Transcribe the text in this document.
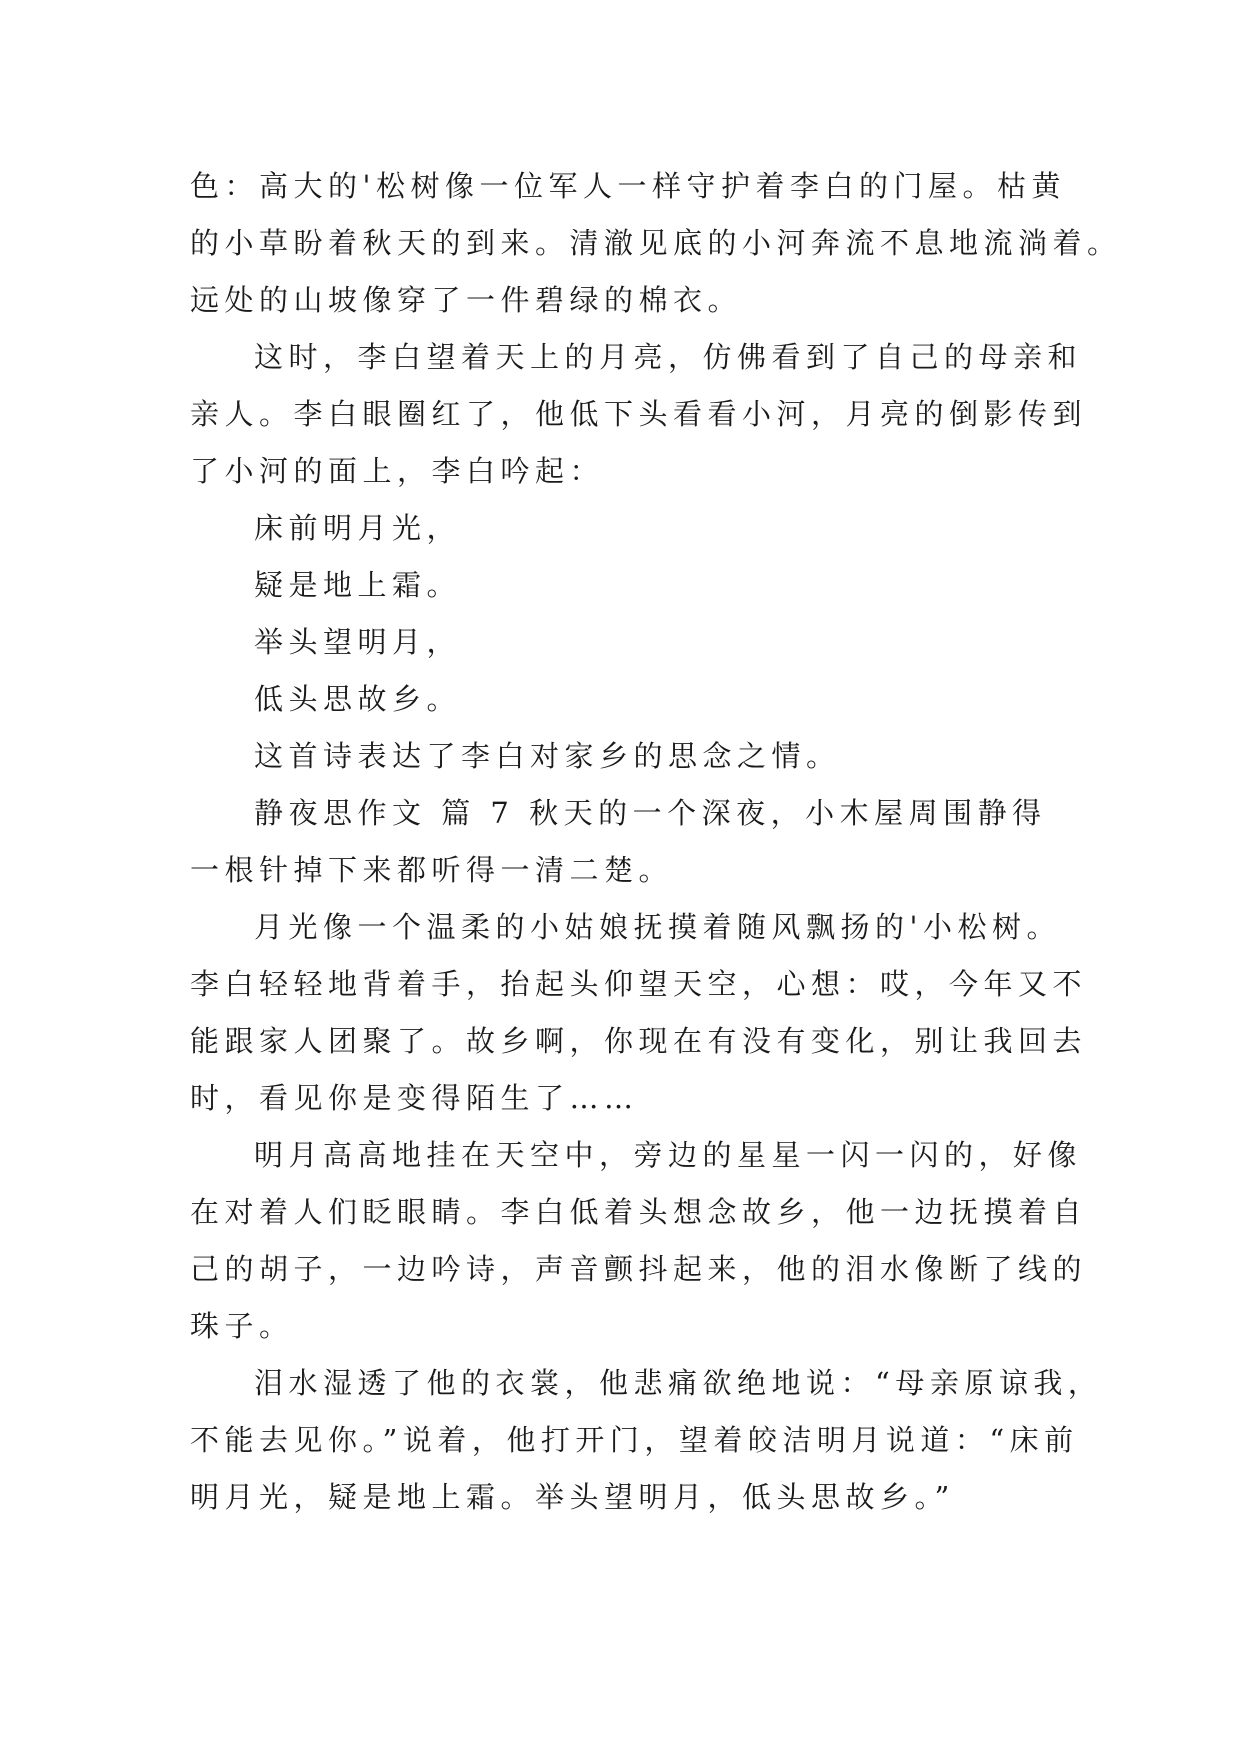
色：高大的'松树像一位军人一样守护着李白的门屋。枯黄
的小草盼着秋天的到来。清澈见底的小河奔流不息地流淌着。
远处的山坡像穿了一件碧绿的棉衣。
这时，李白望着天上的月亮，仿佛看到了自己的母亲和
亲人。李白眼圈红了，他低下头看看小河，月亮的倒影传到
了小河的面上，李白吟起：
床前明月光，
疑是地上霜。
举头望明月，
低头思故乡。
这首诗表达了李白对家乡的思念之情。
静夜思作文 篇 7 秋天的一个深夜，小木屋周围静得
一根针掉下来都听得一清二楚。
月光像一个温柔的小姑娘抚摸着随风飘扬的'小松树。
李白轻轻地背着手，抬起头仰望天空，心想：哎，今年又不
能跟家人团聚了。故乡啊，你现在有没有变化，别让我回去
时，看见你是变得陌生了……
明月高高地挂在天空中，旁边的星星一闪一闪的，好像
在对着人们眨眼睛。李白低着头想念故乡，他一边抚摸着自
己的胡子，一边吟诗，声音颤抖起来，他的泪水像断了线的
珠子。
泪水湿透了他的衣裳，他悲痛欲绝地说：“母亲原谅我，
不能去见你。”说着，他打开门，望着皎洁明月说道：“床前
明月光，疑是地上霜。举头望明月，低头思故乡。”
